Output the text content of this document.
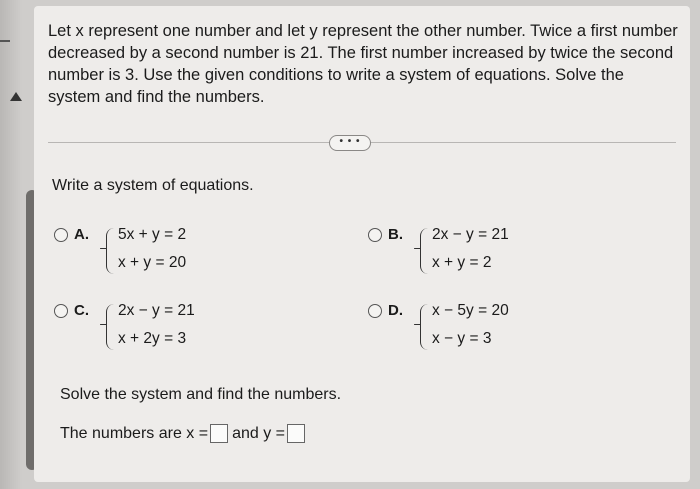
Let x represent one number and let y represent the other number. Twice a first number decreased by a second number is 21. The first number increased by twice the second number is 3. Use the given conditions to write a system of equations. Solve the system and find the numbers.

• • •
Write a system of equations.
A. 5x + y = 2
x + y = 20
B. 2x − y = 21
x + y = 2
C. 2x − y = 21
x + 2y = 3
D. x − 5y = 20
x − y = 3
Solve the system and find the numbers.
The numbers are x = and y =
